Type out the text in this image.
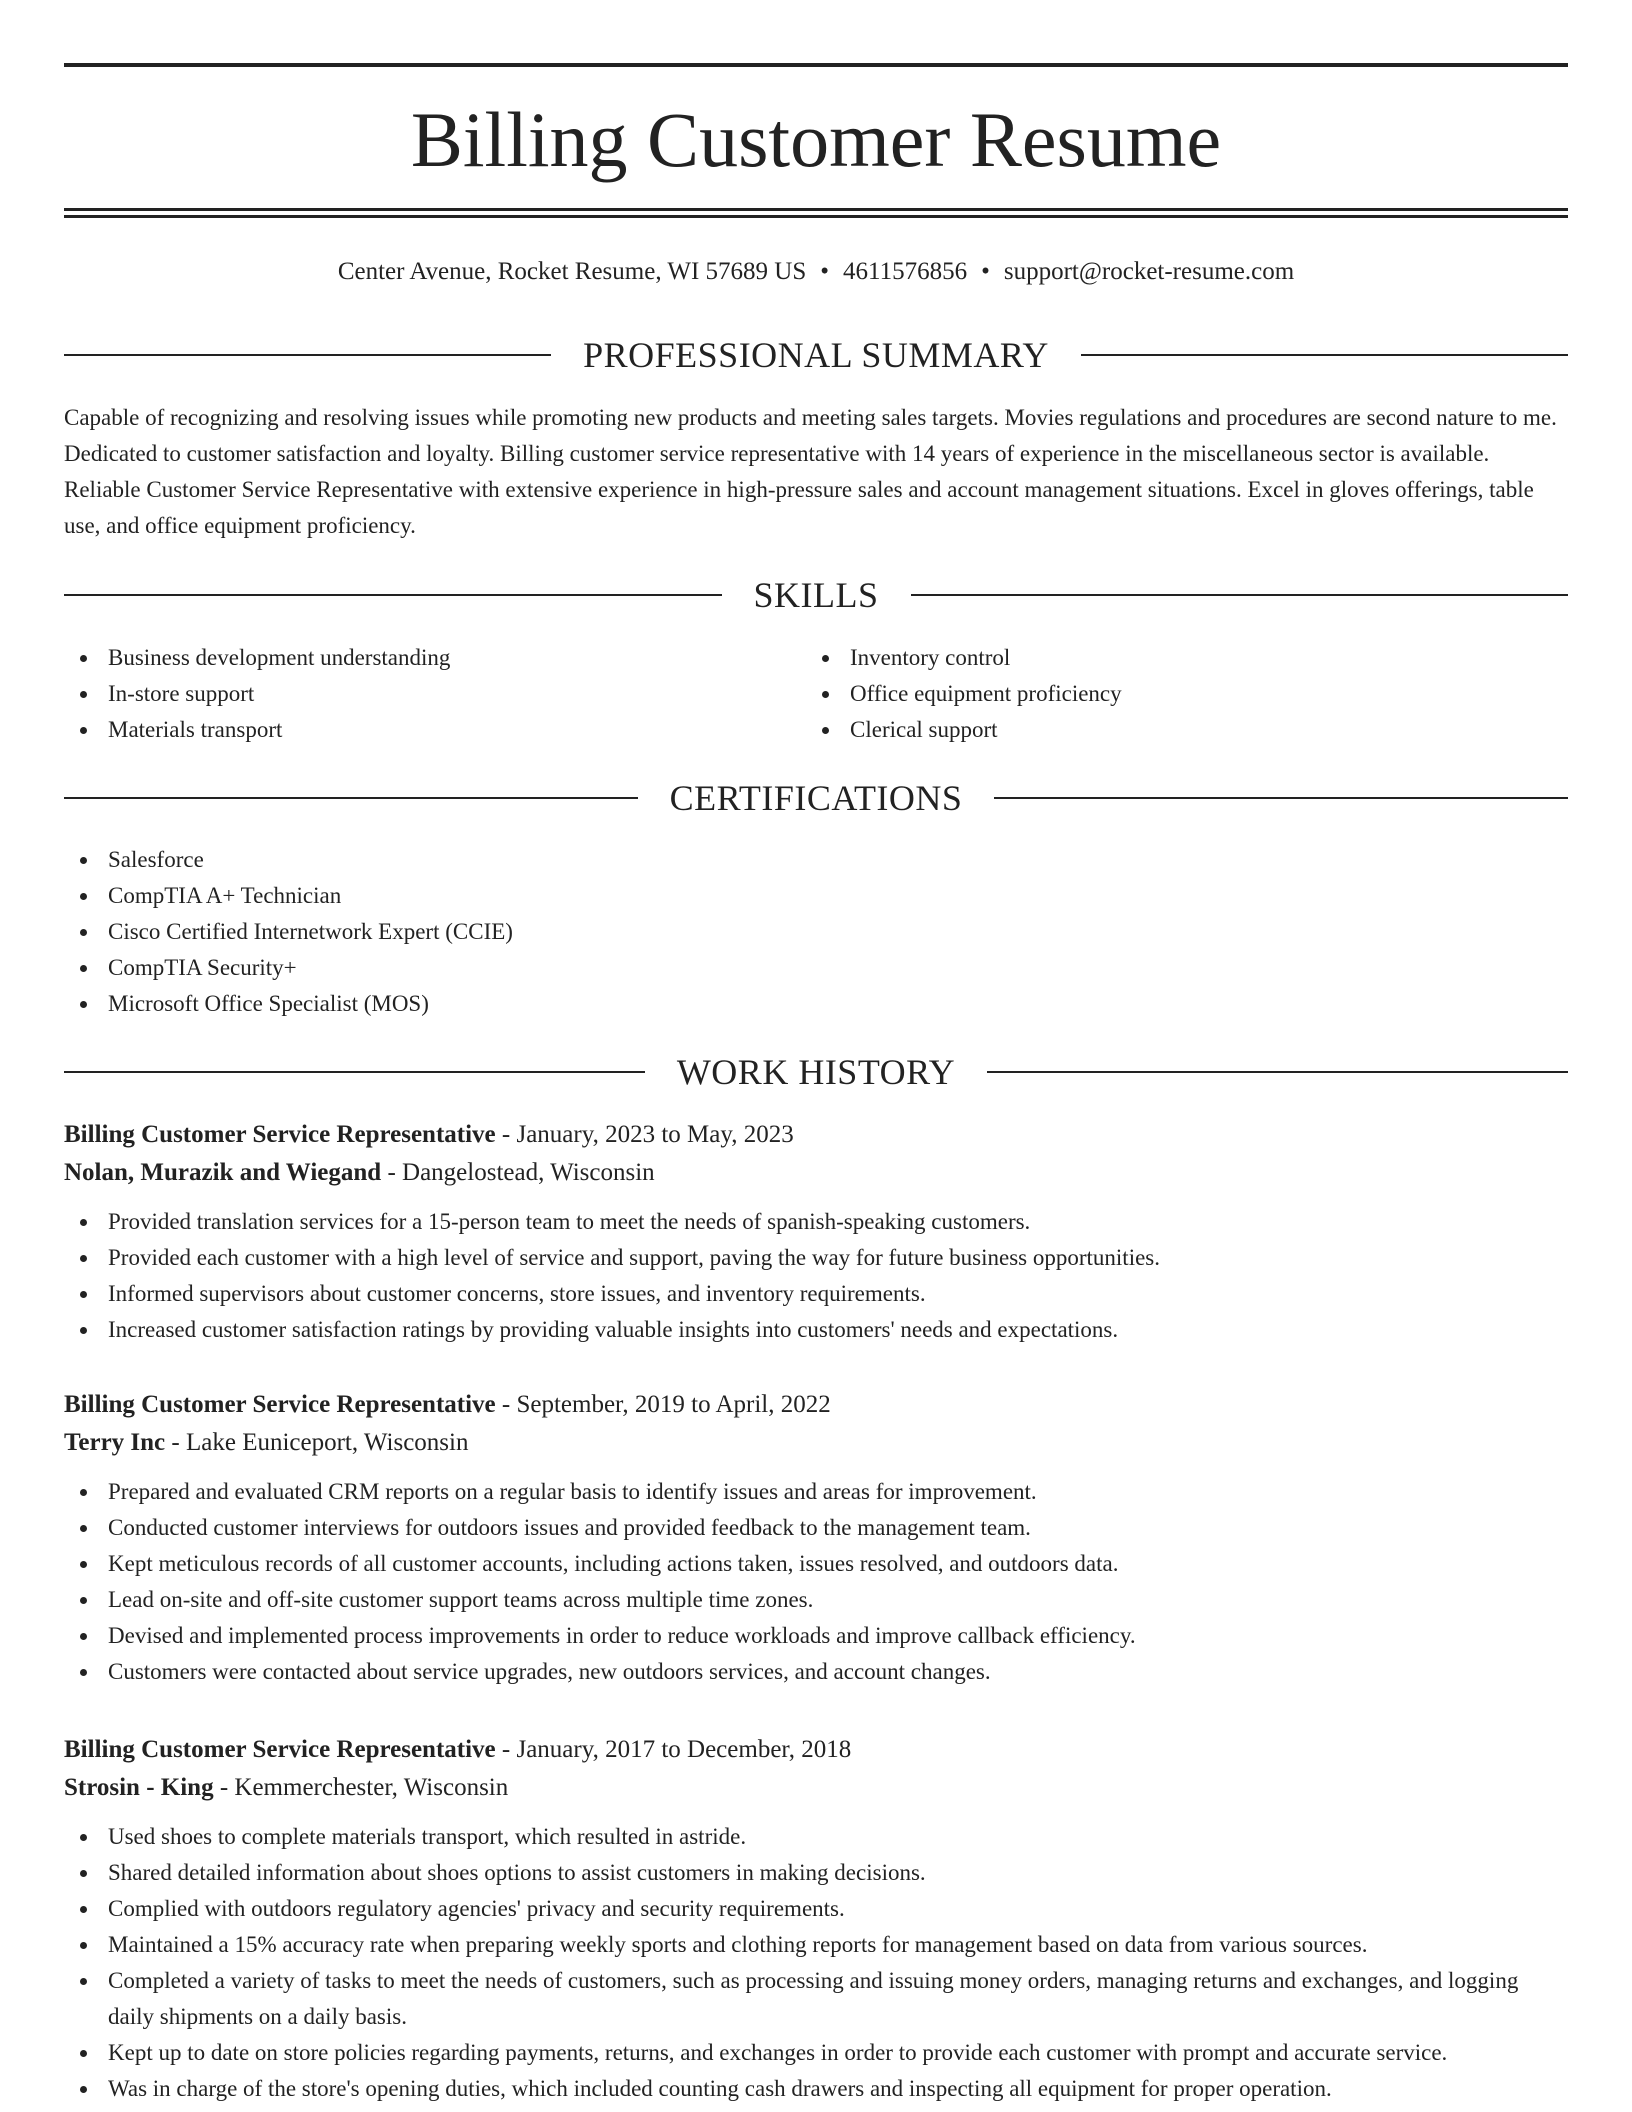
Billing Customer Resume
Center Avenue, Rocket Resume, WI 57689 US • 4611576856 • support@rocket-resume.com
PROFESSIONAL SUMMARY

Capable of recognizing and resolving issues while promoting new products and meeting sales targets. Movies regulations and procedures are second nature to me. Dedicated to customer satisfaction and loyalty. Billing customer service representative with 14 years of experience in the miscellaneous sector is available. Reliable Customer Service Representative with extensive experience in high-pressure sales and account management situations. Excel in gloves offerings, table use, and office equipment proficiency.

SKILLS
Business development understanding
In-store support
Materials transport
Inventory control
Office equipment proficiency
Clerical support
CERTIFICATIONS
Salesforce
CompTIA A+ Technician
Cisco Certified Internetwork Expert (CCIE)
CompTIA Security+
Microsoft Office Specialist (MOS)
WORK HISTORY
Billing Customer Service Representative - January, 2023 to May, 2023
Nolan, Murazik and Wiegand - Dangelostead, Wisconsin
Provided translation services for a 15-person team to meet the needs of spanish-speaking customers.
Provided each customer with a high level of service and support, paving the way for future business opportunities.
Informed supervisors about customer concerns, store issues, and inventory requirements.
Increased customer satisfaction ratings by providing valuable insights into customers' needs and expectations.
Billing Customer Service Representative - September, 2019 to April, 2022
Terry Inc - Lake Euniceport, Wisconsin
Prepared and evaluated CRM reports on a regular basis to identify issues and areas for improvement.
Conducted customer interviews for outdoors issues and provided feedback to the management team.
Kept meticulous records of all customer accounts, including actions taken, issues resolved, and outdoors data.
Lead on-site and off-site customer support teams across multiple time zones.
Devised and implemented process improvements in order to reduce workloads and improve callback efficiency.
Customers were contacted about service upgrades, new outdoors services, and account changes.
Billing Customer Service Representative - January, 2017 to December, 2018
Strosin - King - Kemmerchester, Wisconsin
Used shoes to complete materials transport, which resulted in astride.
Shared detailed information about shoes options to assist customers in making decisions.
Complied with outdoors regulatory agencies' privacy and security requirements.
Maintained a 15% accuracy rate when preparing weekly sports and clothing reports for management based on data from various sources.
Completed a variety of tasks to meet the needs of customers, such as processing and issuing money orders, managing returns and exchanges, and logging daily shipments on a daily basis.
Kept up to date on store policies regarding payments, returns, and exchanges in order to provide each customer with prompt and accurate service.
Was in charge of the store's opening duties, which included counting cash drawers and inspecting all equipment for proper operation.
